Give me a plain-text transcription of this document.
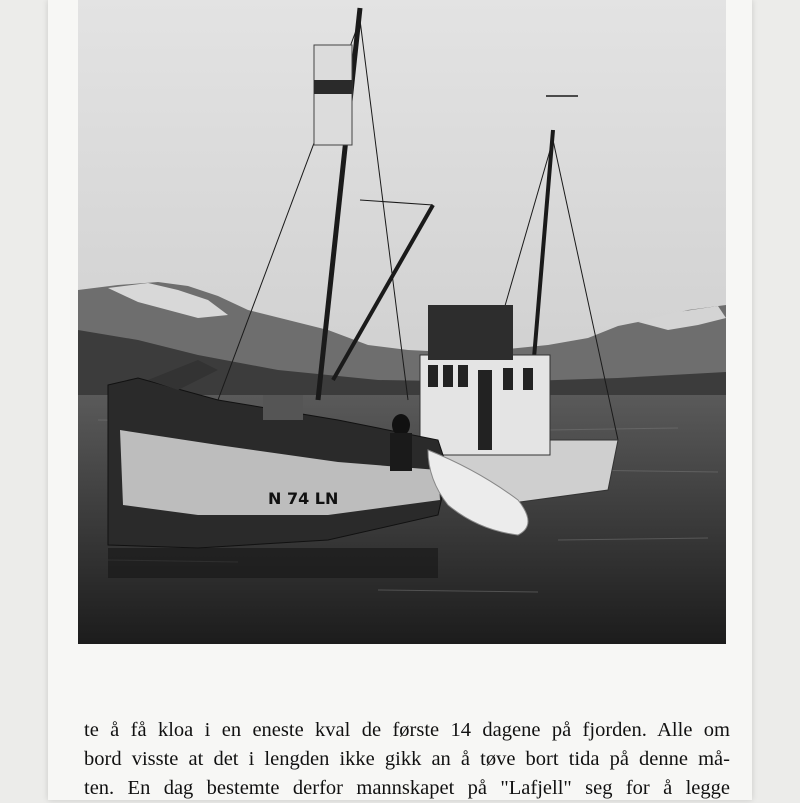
N 74 LN
te å få kloa i en eneste kval de første 14 dagene på fjorden. Alle om
bord visste at det i lengden ikke gikk an å tøve bort tida på denne må-
ten. En dag bestemte derfor mannskapet på "Lafjell" seg for å legge
